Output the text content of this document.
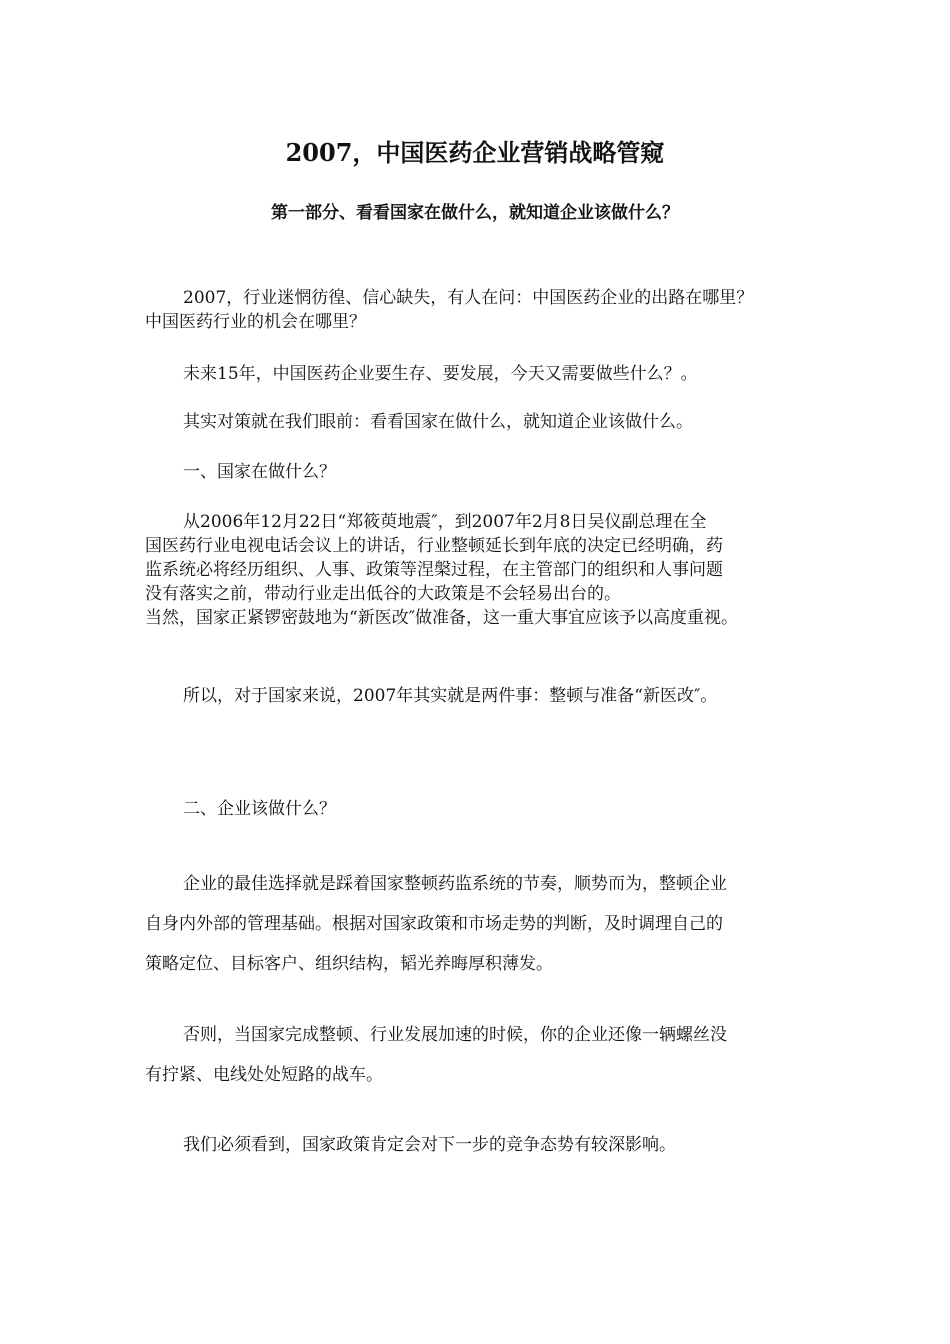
2007，中国医药企业营销战略管窥
第一部分、看看国家在做什么，就知道企业该做什么？
2007，行业迷惘彷徨、信心缺失，有人在问：中国医药企业的出路在哪里？
中国医药行业的机会在哪里？
未来15年，中国医药企业要生存、要发展，今天又需要做些什么？。
其实对策就在我们眼前：看看国家在做什么，就知道企业该做什么。
一、国家在做什么？
从2006年12月22日“郑筱萸地震″，到2007年2月8日吴仪副总理在全
国医药行业电视电话会议上的讲话，行业整顿延长到年底的决定已经明确，药
监系统必将经历组织、人事、政策等涅槃过程，在主管部门的组织和人事问题
没有落实之前，带动行业走出低谷的大政策是不会轻易出台的。
当然，国家正紧锣密鼓地为“新医改″做准备，这一重大事宜应该予以高度重视。
所以，对于国家来说，2007年其实就是两件事：整顿与准备“新医改″。
二、企业该做什么？
企业的最佳选择就是踩着国家整顿药监系统的节奏，顺势而为，整顿企业
自身内外部的管理基础。根据对国家政策和市场走势的判断，及时调理自己的
策略定位、目标客户、组织结构，韬光养晦厚积薄发。
否则，当国家完成整顿、行业发展加速的时候，你的企业还像一辆螺丝没
有拧紧、电线处处短路的战车。
我们必须看到，国家政策肯定会对下一步的竞争态势有较深影响。
